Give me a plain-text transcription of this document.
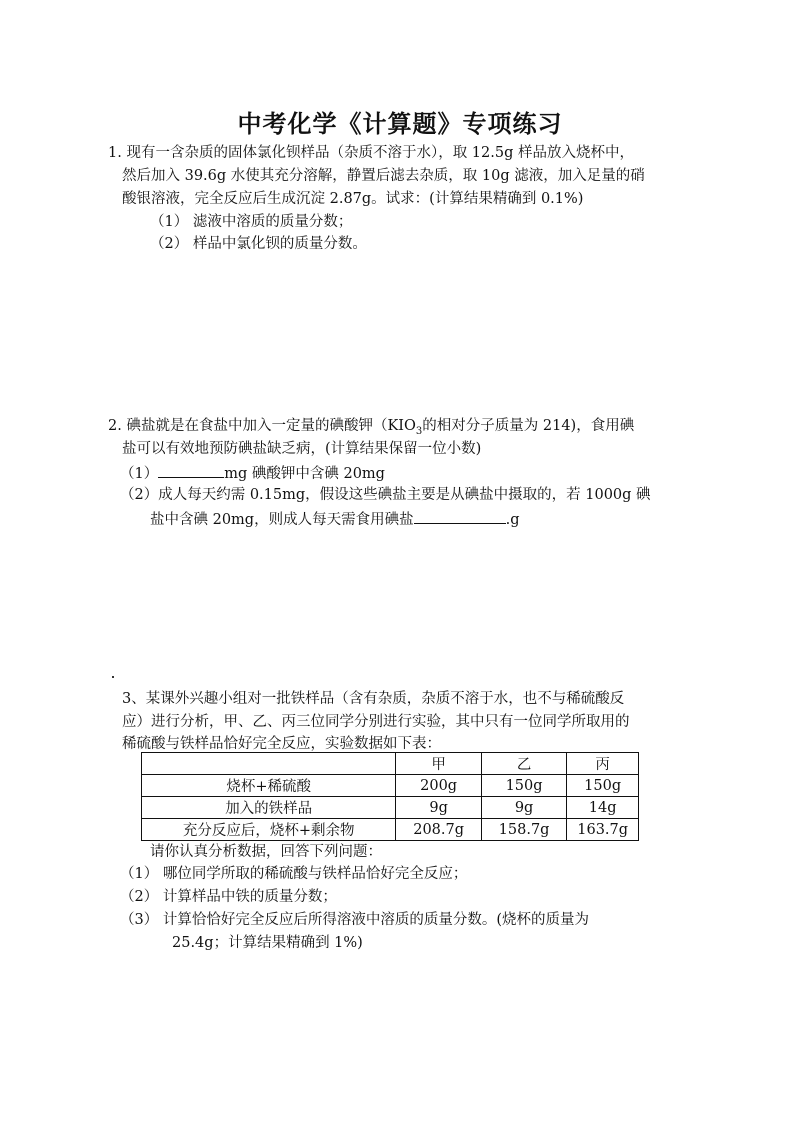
中考化学《计算题》专项练习
1. 现有一含杂质的固体氯化钡样品（杂质不溶于水），取 12.5g 样品放入烧杯中，
然后加入 39.6g 水使其充分溶解，静置后滤去杂质，取 10g 滤液，加入足量的硝
酸银溶液，完全反应后生成沉淀 2.87g。试求：(计算结果精确到 0.1%)
（1） 滤液中溶质的质量分数；
（2） 样品中氯化钡的质量分数。
2. 碘盐就是在食盐中加入一定量的碘酸钾（$KIO_3$的相对分子质量为 214)，食用碘
盐可以有效地预防碘盐缺乏病，(计算结果保留一位小数)
（1）	mg 碘酸钾中含碘 20mg
（2）成人每天约需 0.15mg，假设这些碘盐主要是从碘盐中摄取的，若 1000g 碘
盐中含碘 20mg，则成人每天需食用碘盐	.g
3、某课外兴趣小组对一批铁样品（含有杂质，杂质不溶于水，也不与稀硫酸反
应）进行分析，甲、乙、丙三位同学分别进行实验，其中只有一位同学所取用的
稀硫酸与铁样品恰好完全反应，实验数据如下表：
	甲	乙	丙
烧杯+稀硫酸	200g	150g	150g
加入的铁样品	9g	9g	14g
充分反应后，烧杯+剩余物	208.7g	158.7g	163.7g
请你认真分析数据，回答下列问题：
（1） 哪位同学所取的稀硫酸与铁样品恰好完全反应；
（2） 计算样品中铁的质量分数；
（3） 计算恰恰好完全反应后所得溶液中溶质的质量分数。(烧杯的质量为
25.4g；计算结果精确到 1%)
